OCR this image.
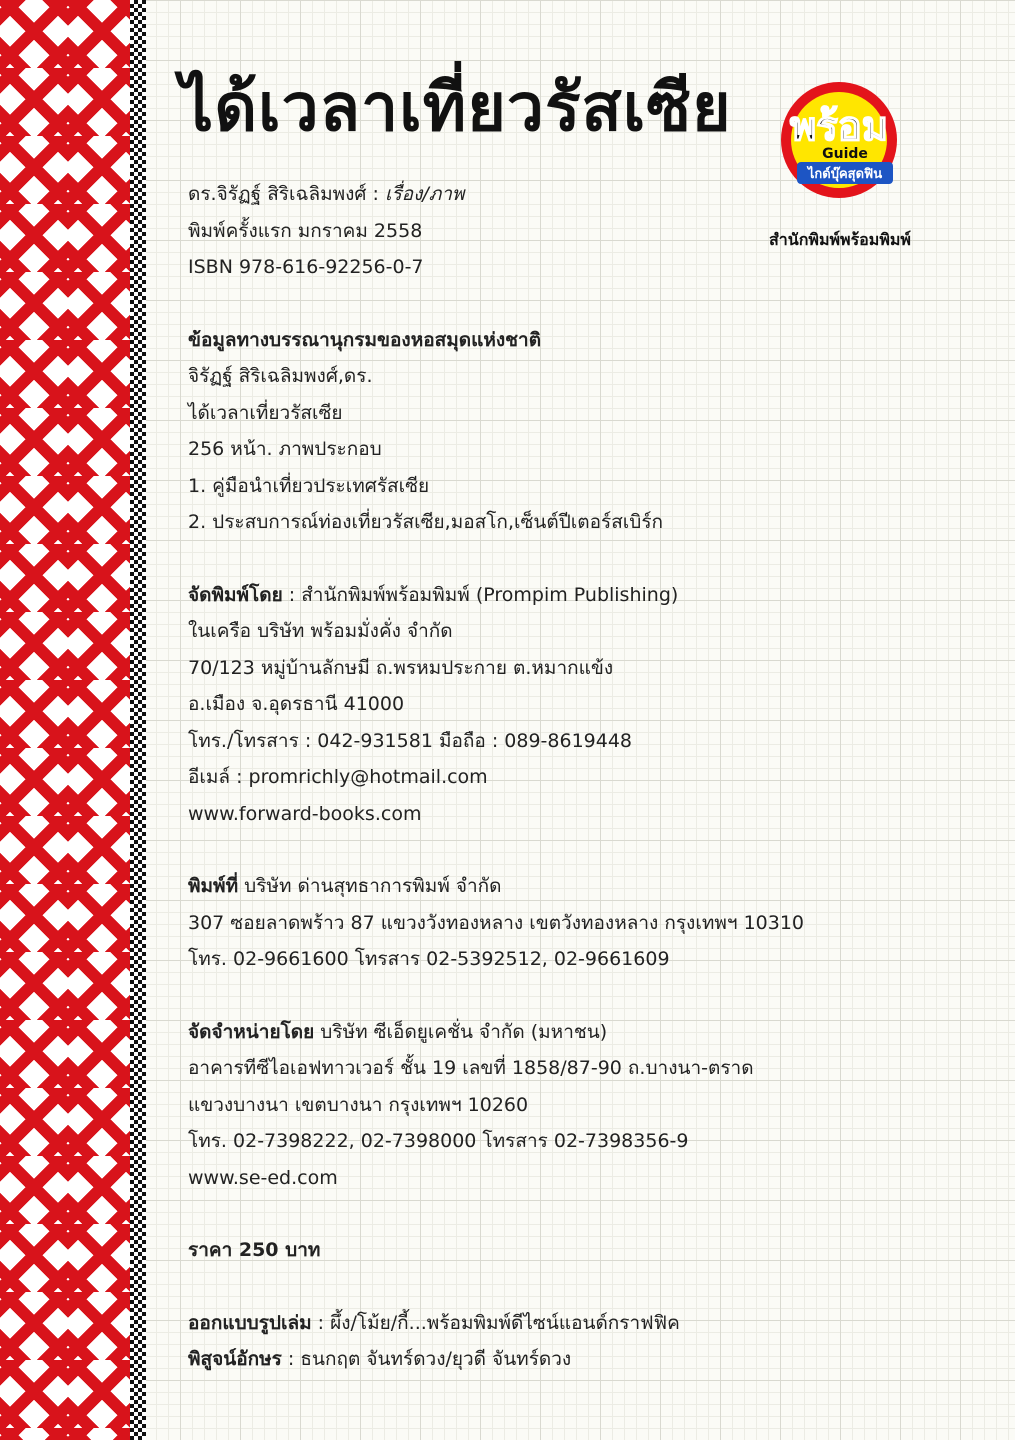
ได้เวลาเที่ยวรัสเซีย พร้อม
Guide
ไกด์บุ๊คสุดฟิน
สำนักพิมพ์พร้อมพิมพ์
ดร.จิรัฏฐ์ สิริเฉลิมพงศ์ : เรื่อง/ภาพ
พิมพ์ครั้งแรก มกราคม 2558
ISBN 978-616-92256-0-7
ข้อมูลทางบรรณานุกรมของหอสมุดแห่งชาติ
จิรัฏฐ์ สิริเฉลิมพงศ์,ดร.
ได้เวลาเที่ยวรัสเซีย
256 หน้า. ภาพประกอบ
1. คู่มือนำเที่ยวประเทศรัสเซีย
2. ประสบการณ์ท่องเที่ยวรัสเซีย,มอสโก,เซ็นต์ปีเตอร์สเบิร์ก
จัดพิมพ์โดย : สำนักพิมพ์พร้อมพิมพ์ (Prompim Publishing)
ในเครือ บริษัท พร้อมมั่งคั่ง จำกัด
70/123 หมู่บ้านลักษมี ถ.พรหมประกาย ต.หมากแข้ง
อ.เมือง จ.อุดรธานี 41000
โทร./โทรสาร : 042-931581 มือถือ : 089-8619448
อีเมล์ : promrichly@hotmail.com
www.forward-books.com
พิมพ์ที่ บริษัท ด่านสุทธาการพิมพ์ จำกัด
307 ซอยลาดพร้าว 87 แขวงวังทองหลาง เขตวังทองหลาง กรุงเทพฯ 10310
โทร. 02-9661600 โทรสาร 02-5392512, 02-9661609
จัดจำหน่ายโดย บริษัท ซีเอ็ดยูเคชั่น จำกัด (มหาชน)
อาคารทีซีไอเอฟทาวเวอร์ ชั้น 19 เลขที่ 1858/87-90 ถ.บางนา-ตราด
แขวงบางนา เขตบางนา กรุงเทพฯ 10260
โทร. 02-7398222, 02-7398000 โทรสาร 02-7398356-9
www.se-ed.com
ราคา 250 บาท
ออกแบบรูปเล่ม : ผึ้ง/โม้ย/กี้...พร้อมพิมพ์ดีไซน์แอนด์กราฟฟิค
พิสูจน์อักษร : ธนกฤต จันทร์ดวง/ยุวดี จันทร์ดวง
